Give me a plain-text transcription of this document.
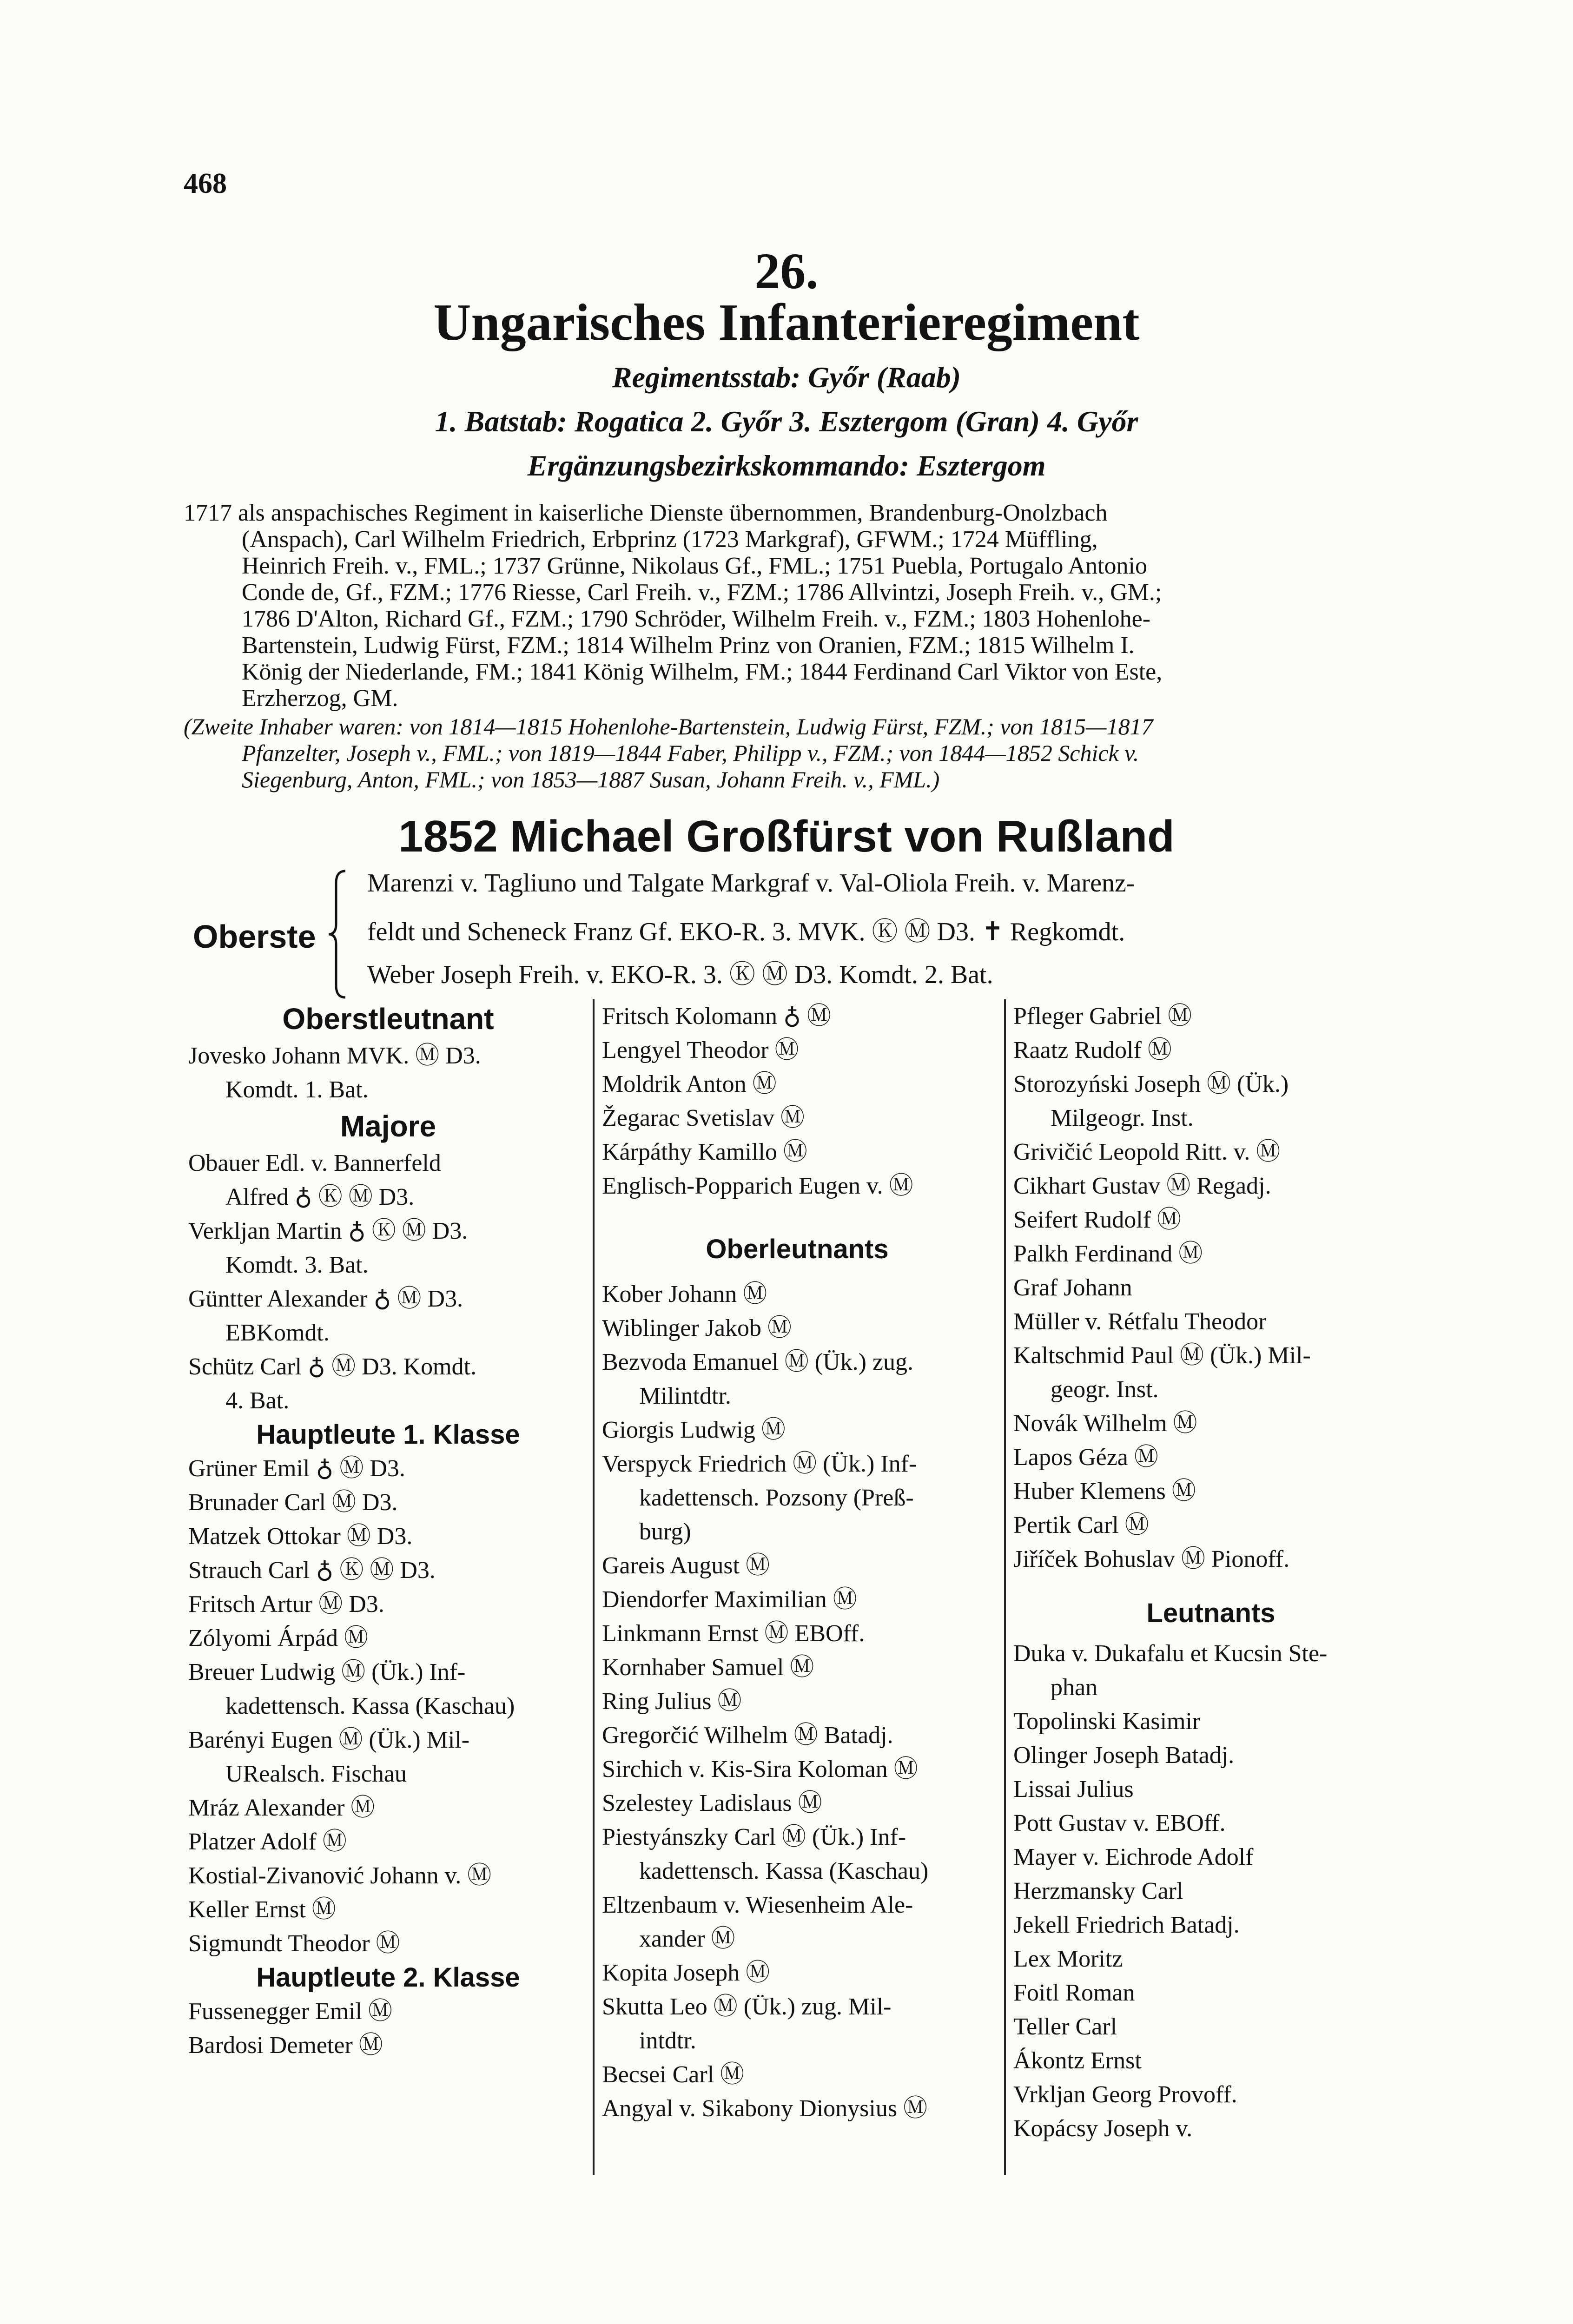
468
26.
Ungarisches Infanterieregiment
Regimentsstab: Győr (Raab)
1. Batstab: Rogatica 2. Győr 3. Esztergom (Gran) 4. Győr
Ergänzungsbezirkskommando: Esztergom
1717 als anspachisches Regiment in kaiserliche Dienste übernommen, Brandenburg-Onolzbach
(Anspach), Carl Wilhelm Friedrich, Erbprinz (1723 Markgraf), GFWM.; 1724 Müffling,
Heinrich Freih. v., FML.; 1737 Grünne, Nikolaus Gf., FML.; 1751 Puebla, Portugalo Antonio
Conde de, Gf., FZM.; 1776 Riesse, Carl Freih. v., FZM.; 1786 Allvintzi, Joseph Freih. v., GM.;
1786 D'Alton, Richard Gf., FZM.; 1790 Schröder, Wilhelm Freih. v., FZM.; 1803 Hohenlohe-
Bartenstein, Ludwig Fürst, FZM.; 1814 Wilhelm Prinz von Oranien, FZM.; 1815 Wilhelm I.
König der Niederlande, FM.; 1841 König Wilhelm, FM.; 1844 Ferdinand Carl Viktor von Este,
Erzherzog, GM.
(Zweite Inhaber waren: von 1814—1815 Hohenlohe-Bartenstein, Ludwig Fürst, FZM.; von 1815—1817
Pfanzelter, Joseph v., FML.; von 1819—1844 Faber, Philipp v., FZM.; von 1844—1852 Schick v.
Siegenburg, Anton, FML.; von 1853—1887 Susan, Johann Freih. v., FML.)
1852 Michael Großfürst von Rußland
Oberste
Marenzi v. Tagliuno und Talgate Markgraf v. Val-Oliola Freih. v. Marenz-
feldt und Scheneck Franz Gf. EKO-R. 3. MVK. Ⓚ Ⓜ D3. ✝ Regkomdt.
Weber Joseph Freih. v. EKO-R. 3. Ⓚ Ⓜ D3. Komdt. 2. Bat.
Oberstleutnant
Jovesko Johann MVK. Ⓜ D3.
Komdt. 1. Bat.
Majore
Obauer Edl. v. Bannerfeld
Alfred ♁ Ⓚ Ⓜ D3.
Verkljan Martin ♁ Ⓚ Ⓜ D3.
Komdt. 3. Bat.
Güntter Alexander ♁ Ⓜ D3.
EBKomdt.
Schütz Carl ♁ Ⓜ D3. Komdt.
4. Bat.
Hauptleute 1. Klasse
Grüner Emil ♁ Ⓜ D3.
Brunader Carl Ⓜ D3.
Matzek Ottokar Ⓜ D3.
Strauch Carl ♁ Ⓚ Ⓜ D3.
Fritsch Artur Ⓜ D3.
Zólyomi Árpád Ⓜ
Breuer Ludwig Ⓜ (Ük.) Inf-
kadettensch. Kassa (Kaschau)
Barényi Eugen Ⓜ (Ük.) Mil-
URealsch. Fischau
Mráz Alexander Ⓜ
Platzer Adolf Ⓜ
Kostial-Zivanović Johann v. Ⓜ
Keller Ernst Ⓜ
Sigmundt Theodor Ⓜ
Hauptleute 2. Klasse
Fussenegger Emil Ⓜ
Bardosi Demeter Ⓜ
Fritsch Kolomann ♁ Ⓜ
Lengyel Theodor Ⓜ
Moldrik Anton Ⓜ
Žegarac Svetislav Ⓜ
Kárpáthy Kamillo Ⓜ
Englisch-Popparich Eugen v. Ⓜ
Oberleutnants
Kober Johann Ⓜ
Wiblinger Jakob Ⓜ
Bezvoda Emanuel Ⓜ (Ük.) zug.
Milintdtr.
Giorgis Ludwig Ⓜ
Verspyck Friedrich Ⓜ (Ük.) Inf-
kadettensch. Pozsony (Preß-
burg)
Gareis August Ⓜ
Diendorfer Maximilian Ⓜ
Linkmann Ernst Ⓜ EBOff.
Kornhaber Samuel Ⓜ
Ring Julius Ⓜ
Gregorčić Wilhelm Ⓜ Batadj.
Sirchich v. Kis-Sira Koloman Ⓜ
Szelestey Ladislaus Ⓜ
Piestyánszky Carl Ⓜ (Ük.) Inf-
kadettensch. Kassa (Kaschau)
Eltzenbaum v. Wiesenheim Ale-
xander Ⓜ
Kopita Joseph Ⓜ
Skutta Leo Ⓜ (Ük.) zug. Mil-
intdtr.
Becsei Carl Ⓜ
Angyal v. Sikabony Dionysius Ⓜ
Pfleger Gabriel Ⓜ
Raatz Rudolf Ⓜ
Storozyński Joseph Ⓜ (Ük.)
Milgeogr. Inst.
Grivičić Leopold Ritt. v. Ⓜ
Cikhart Gustav Ⓜ Regadj.
Seifert Rudolf Ⓜ
Palkh Ferdinand Ⓜ
Graf Johann
Müller v. Rétfalu Theodor
Kaltschmid Paul Ⓜ (Ük.) Mil-
geogr. Inst.
Novák Wilhelm Ⓜ
Lapos Géza Ⓜ
Huber Klemens Ⓜ
Pertik Carl Ⓜ
Jiříček Bohuslav Ⓜ Pionoff.
Leutnants
Duka v. Dukafalu et Kucsin Ste-
phan
Topolinski Kasimir
Olinger Joseph Batadj.
Lissai Julius
Pott Gustav v. EBOff.
Mayer v. Eichrode Adolf
Herzmansky Carl
Jekell Friedrich Batadj.
Lex Moritz
Foitl Roman
Teller Carl
Ákontz Ernst
Vrkljan Georg Provoff.
Kopácsy Joseph v.
